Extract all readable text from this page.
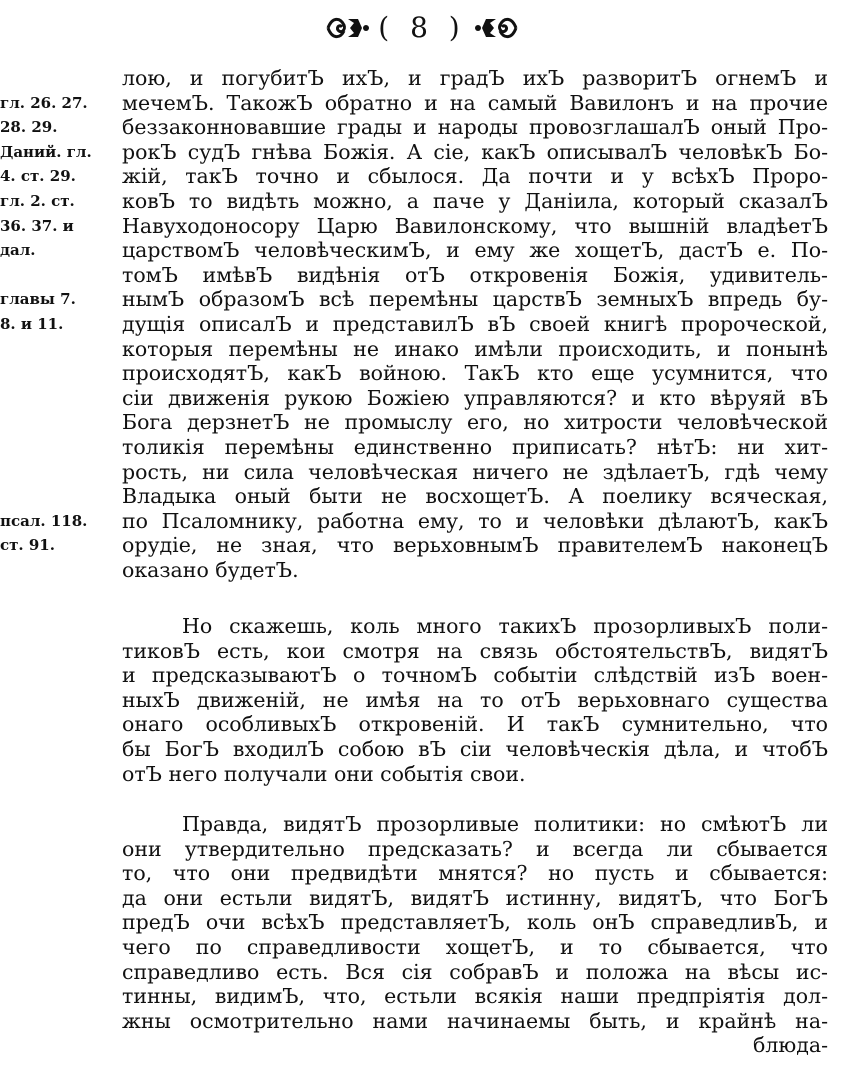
( 8 )
гл. 26. 27.
28. 29.
Даний. гл.
4. ст. 29.
гл. 2. ст.
36. 37. и
дал.
главы 7.
8. и 11.
псал. 118.
ст. 91.
лою, и погубитЪ ихЪ, и градЪ ихЪ разворитЪ огнемЪ и
мечемЪ. ТакожЪ обратно и на самый Вавилонъ и на прочие
беззаконновавшие грады и народы провозглашалЪ оный Про-
рокЪ судЪ гнѣва Божія. А сіе, какЪ описывалЪ человѣкЪ Бо-
жій, такЪ точно и сбылося. Да почти и у всѣхЪ Проро-
ковЪ то видѣть можно, а паче у Даніила, который сказалЪ
Навуходоносору Царю Вавилонскому, что вышній владѣетЪ
царствомЪ человѣческимЪ, и ему же хощетЪ, дастЪ е. По-
томЪ имѣвЪ видѣнія отЪ откровенія Божія, удивитель-
нымЪ образомЪ всѣ перемѣны царствЪ земныхЪ впредь бу-
дущія описалЪ и представилЪ вЪ своей книгѣ пророческой,
которыя перемѣны не инако имѣли происходить, и понынѣ
происходятЪ, какЪ войною. ТакЪ кто еще усумнится, что
сіи движенія рукою Божіею управляются? и кто вѣруяй вЪ
Бога дерзнетЪ не промыслу его, но хитрости человѣческой
толикія перемѣны единственно приписать? нѣтЪ: ни хит-
рость, ни сила человѣческая ничего не здѣлаетЪ, гдѣ чему
Владыка оный быти не восхощетЪ. А поелику всяческая,
по Псаломнику, работна ему, то и человѣки дѣлаютЪ, какЪ
орудіе, не зная, что верьховнымЪ правителемЪ наконецЪ
оказано будетЪ.
Но скажешь, коль много такихЪ прозорливыхЪ поли-
тиковЪ есть, кои смотря на связь обстоятельствЪ, видятЪ
и предсказываютЪ о точномЪ событіи слѣдствій изЪ воен-
ныхЪ движеній, не имѣя на то отЪ верьховнаго существа
онаго особливыхЪ откровеній. И такЪ сумнительно, что
бы БогЪ входилЪ собою вЪ сіи человѣческія дѣла, и чтобЪ
отЪ него получали они событія свои.
Правда, видятЪ прозорливые политики: но смѣютЪ ли
они утвердительно предсказать? и всегда ли сбывается
то, что они предвидѣти мнятся? но пусть и сбывается:
да они естьли видятЪ, видятЪ истинну, видятЪ, что БогЪ
предЪ очи всѣхЪ представляетЪ, коль онЪ справедливЪ, и
чего по справедливости хощетЪ, и то сбывается, что
справедливо есть. Вся сія собравЪ и положа на вѣсы ис-
тинны, видимЪ, что, естьли всякія наши предпріятія дол-
жны осмотрительно нами начинаемы быть, и крайнѣ на-
блюда-
